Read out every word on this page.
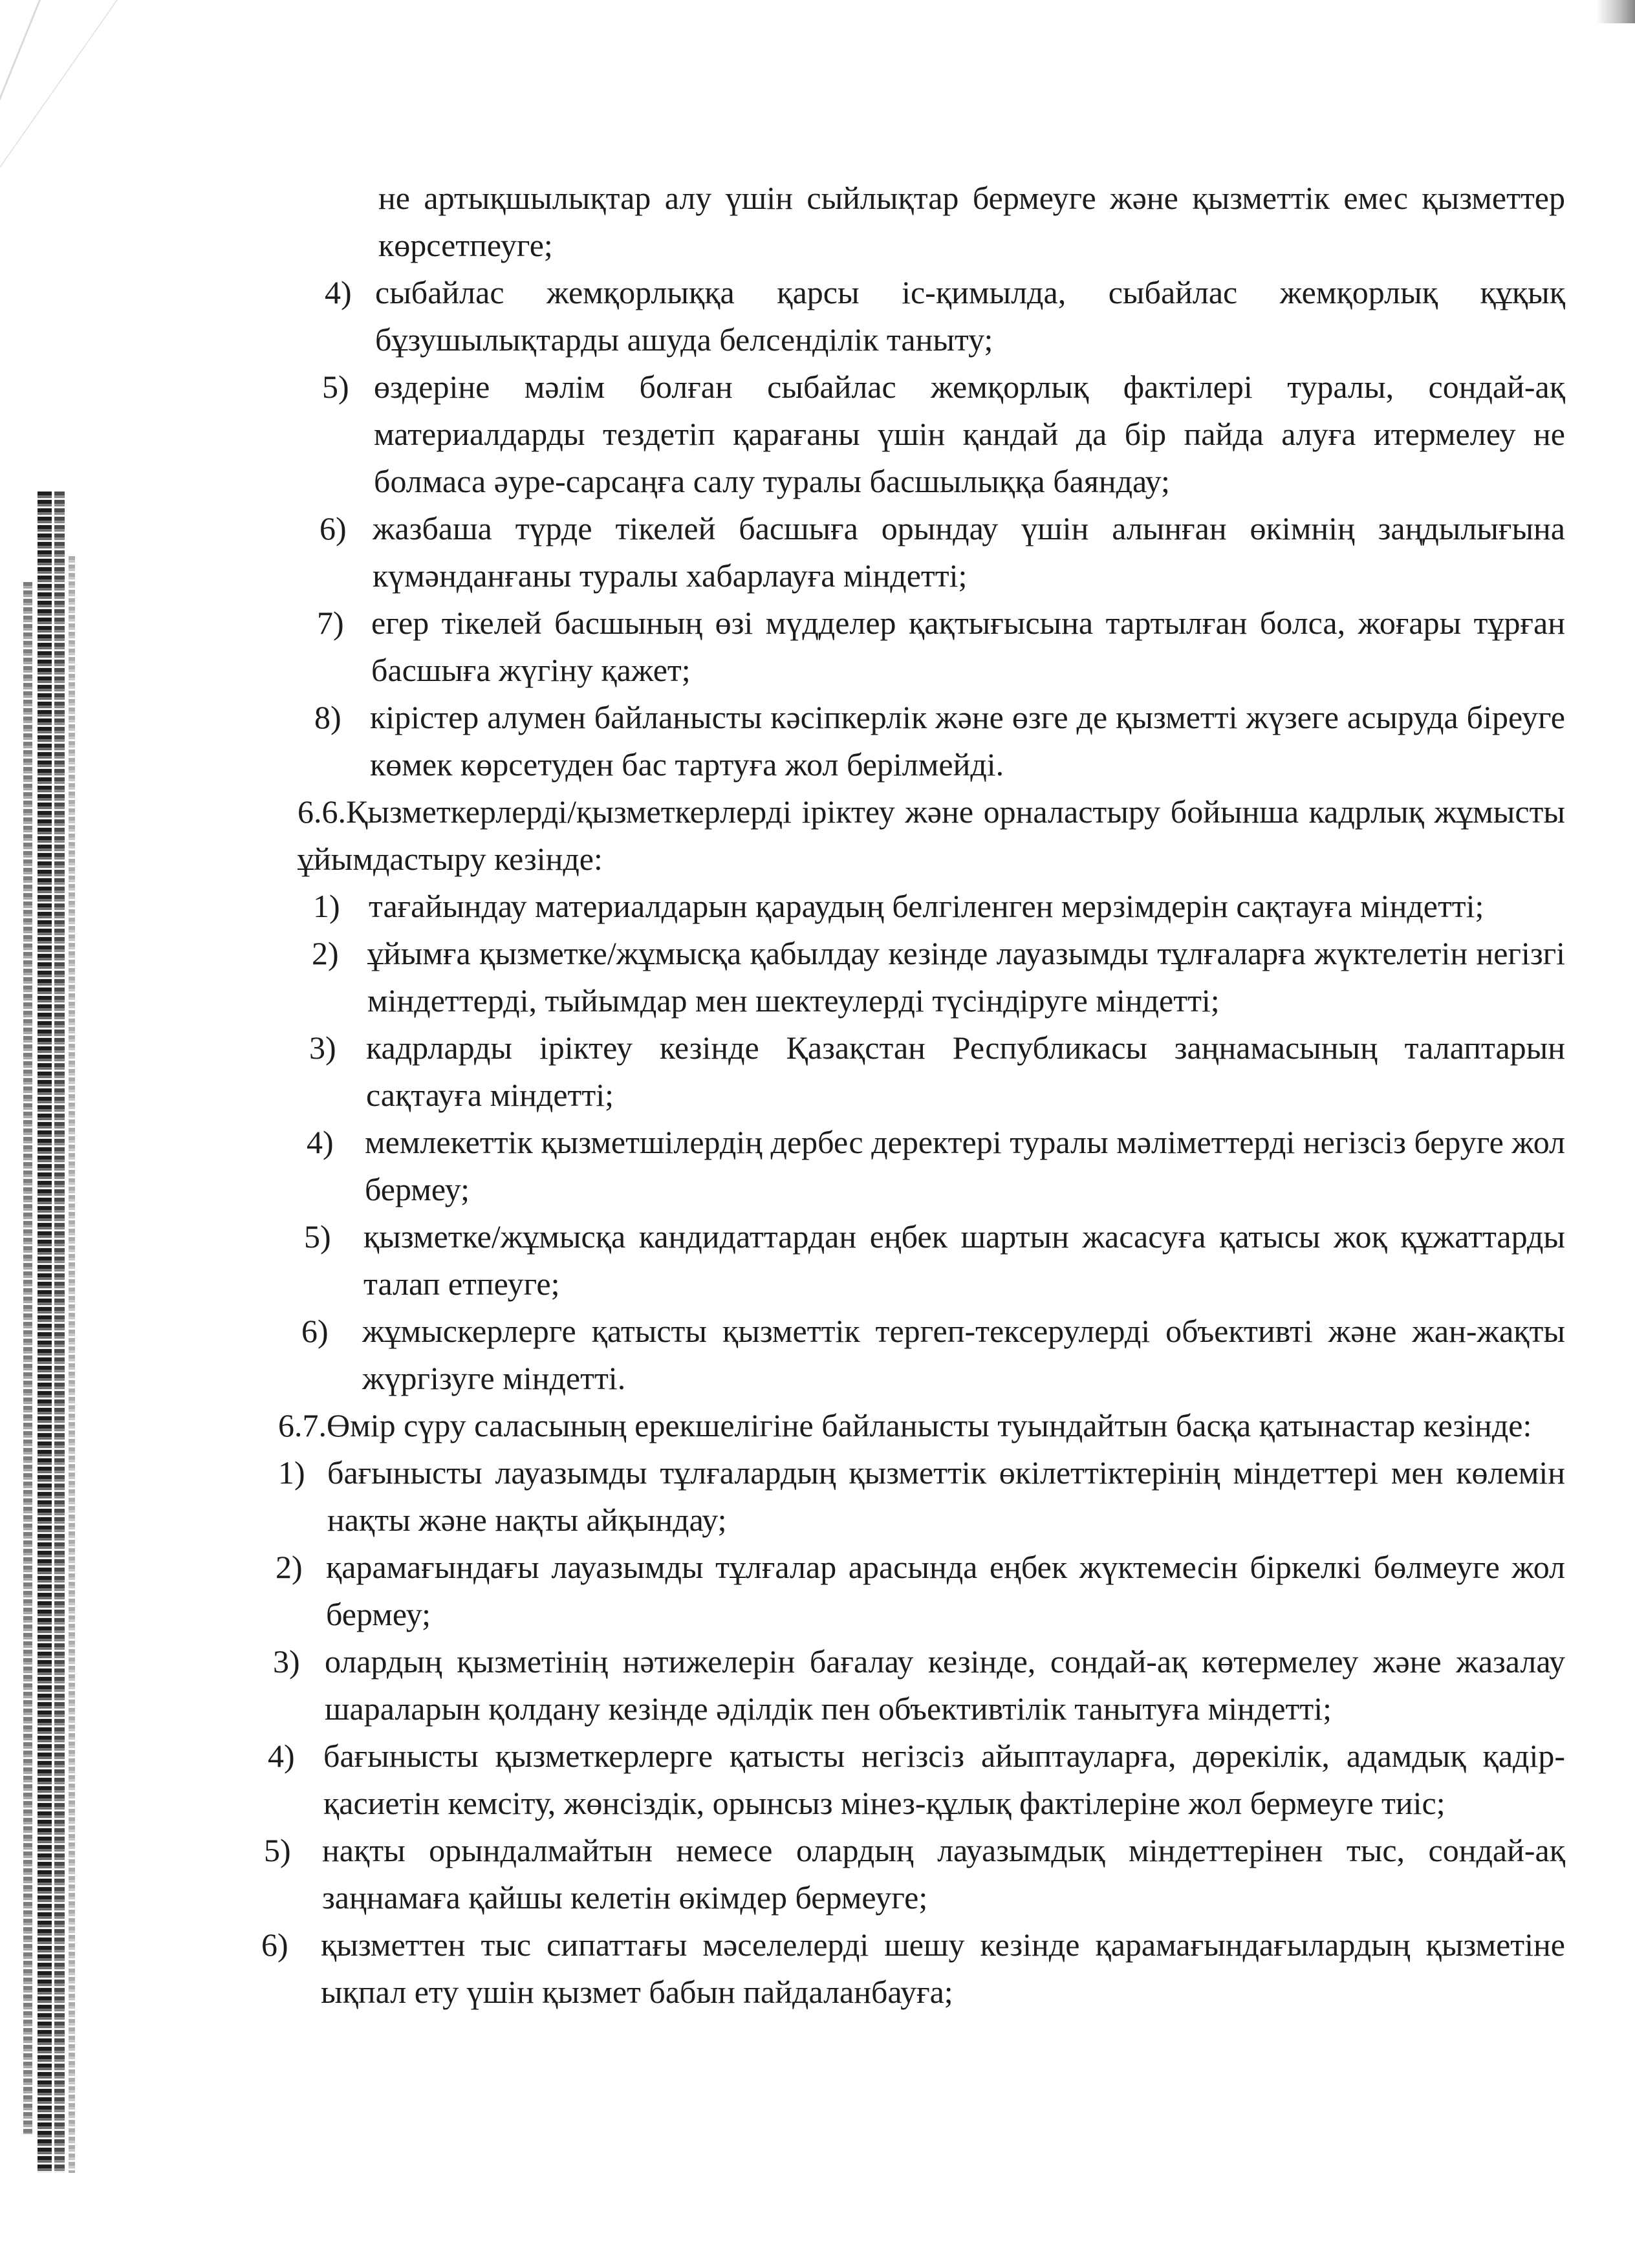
не артықшылықтар алу үшін сыйлықтар бермеуге және қызметтік емес қызметтер көрсетпеуге;
4) сыбайлас жемқорлыққа қарсы іс-қимылда, сыбайлас жемқорлық құқық бұзушылықтарды ашуда белсенділік таныту;
5) өздеріне мәлім болған сыбайлас жемқорлық фактілері туралы, сондай-ақ материалдарды тездетіп қарағаны үшін қандай да бір пайда алуға итермелеу не болмаса әуре-сарсаңға салу туралы басшылыққа баяндау;
6) жазбаша түрде тікелей басшыға орындау үшін алынған өкімнің заңдылығына күмәнданғаны туралы хабарлауға міндетті;
7) егер тікелей басшының өзі мүдделер қақтығысына тартылған болса, жоғары тұрған басшыға жүгіну қажет;
8) кірістер алумен байланысты кәсіпкерлік және өзге де қызметті жүзеге асыруда біреуге көмек көрсетуден бас тартуға жол берілмейді.
6.6.Қызметкерлерді/қызметкерлерді іріктеу және орналастыру бойынша кадрлық жұмысты ұйымдастыру кезінде:
1) тағайындау материалдарын қараудың белгіленген мерзімдерін сақтауға міндетті;
2) ұйымға қызметке/жұмысқа қабылдау кезінде лауазымды тұлғаларға жүктелетін негізгі міндеттерді, тыйымдар мен шектеулерді түсіндіруге міндетті;
3) кадрларды іріктеу кезінде Қазақстан Республикасы заңнамасының талаптарын сақтауға міндетті;
4) мемлекеттік қызметшілердің дербес деректері туралы мәліметтерді негізсіз беруге жол бермеу;
5) қызметке/жұмысқа кандидаттардан еңбек шартын жасасуға қатысы жоқ құжаттарды талап етпеуге;
6) жұмыскерлерге қатысты қызметтік тергеп-тексерулерді объективті және жан-жақты жүргізуге міндетті.
6.7.Өмір сүру саласының ерекшелігіне байланысты туындайтын басқа қатынастар кезінде:
1) бағынысты лауазымды тұлғалардың қызметтік өкілеттіктерінің міндеттері мен көлемін нақты және нақты айқындау;
2) қарамағындағы лауазымды тұлғалар арасында еңбек жүктемесін біркелкі бөлмеуге жол бермеу;
3) олардың қызметінің нәтижелерін бағалау кезінде, сондай-ақ көтермелеу және жазалау шараларын қолдану кезінде әділдік пен объективтілік танытуға міндетті;
4) бағынысты қызметкерлерге қатысты негізсіз айыптауларға, дөрекілік, адамдық қадір-қасиетін кемсіту, жөнсіздік, орынсыз мінез-құлық фактілеріне жол бермеуге тиіс;
5) нақты орындалмайтын немесе олардың лауазымдық міндеттерінен тыс, сондай-ақ заңнамаға қайшы келетін өкімдер бермеуге;
6) қызметтен тыс сипаттағы мәселелерді шешу кезінде қарамағындағылардың қызметіне ықпал ету үшін қызмет бабын пайдаланбауға;
